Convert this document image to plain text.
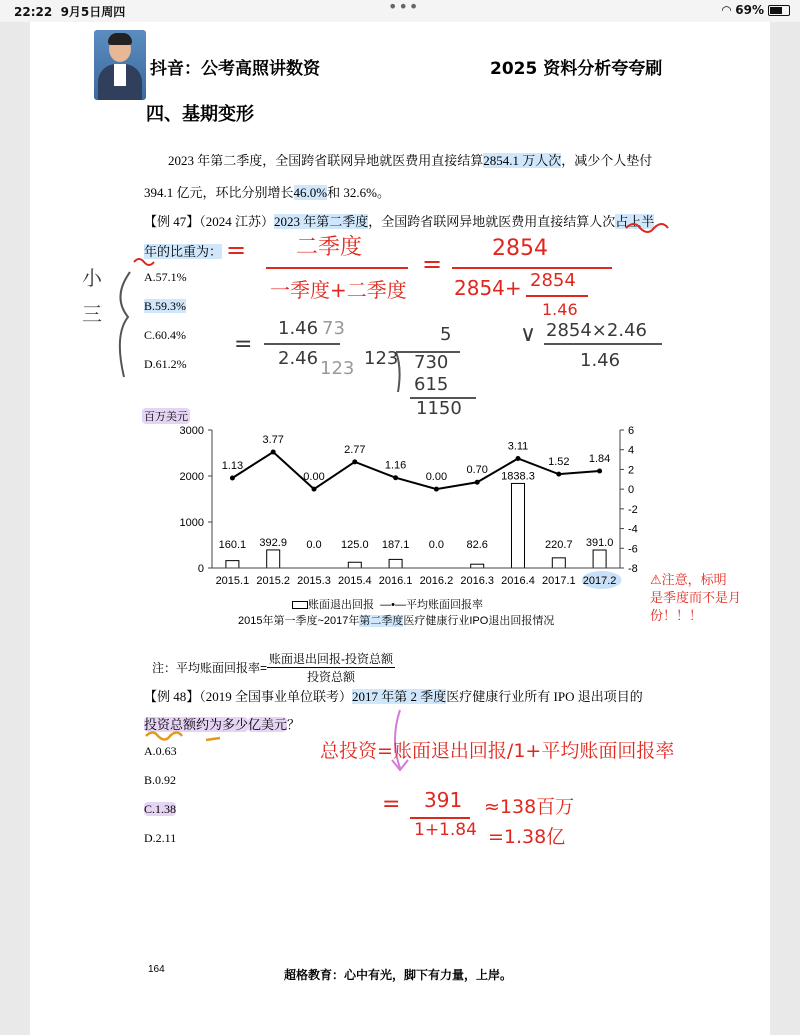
22:22 9月5日周四	•••	◠ 69%
抖音：公考高照讲数资	2025 资料分析夸夸刷
四、基期变形
2023 年第二季度，全国跨省联网异地就医费用直接结算2854.1 万人次，减少个人垫付
394.1 亿元，环比分别增长46.0%和 32.6%。
【例 47】（2024 江苏）2023 年第二季度，全国跨省联网异地就医费用直接结算人次占上半
年的比重为：
A.57.1%
B.59.3%
C.60.4%
D.61.2%
小
三
= 二季度
一季度+二季度
=
2854
2854+ 2854
1.46
=
1.46 73
2.46 123 123
5
730
615
1150
∨ 2854×2.46
1.46
百万美元
0
1000
2000
3000
-8
-6
-4
-2
0
2
4
6
160.1
2015.1
392.9
2015.2
0.0
2015.3
125.0
2015.4
187.1
2016.1
0.0
2016.2
82.6
2016.3
1838.3
2016.4
220.7
2017.1
391.0
2017.2
1.13
3.77
0.00
2.77
1.16
0.00
0.70
3.11
1.52 1.84
账面退出回报 —•—平均账面回报率
2015年第一季度~2017年第二季度医疗健康行业IPO退出回报情况
⚠注意，标明
是季度而不是月
份！！！
注：平均账面回报率=
账面退出回报-投资总额
投资总额
【例 48】（2019 全国事业单位联考）2017 年第 2 季度医疗健康行业所有 IPO 退出项目的
投资总额约为多少亿美元？
A.0.63
B.0.92
C.1.38
D.2.11
总投资=账面退出回报/1+平均账面回报率
= 391
1+1.84
≈138百万
=1.38亿
164	超格教育：心中有光，脚下有力量，上岸。
